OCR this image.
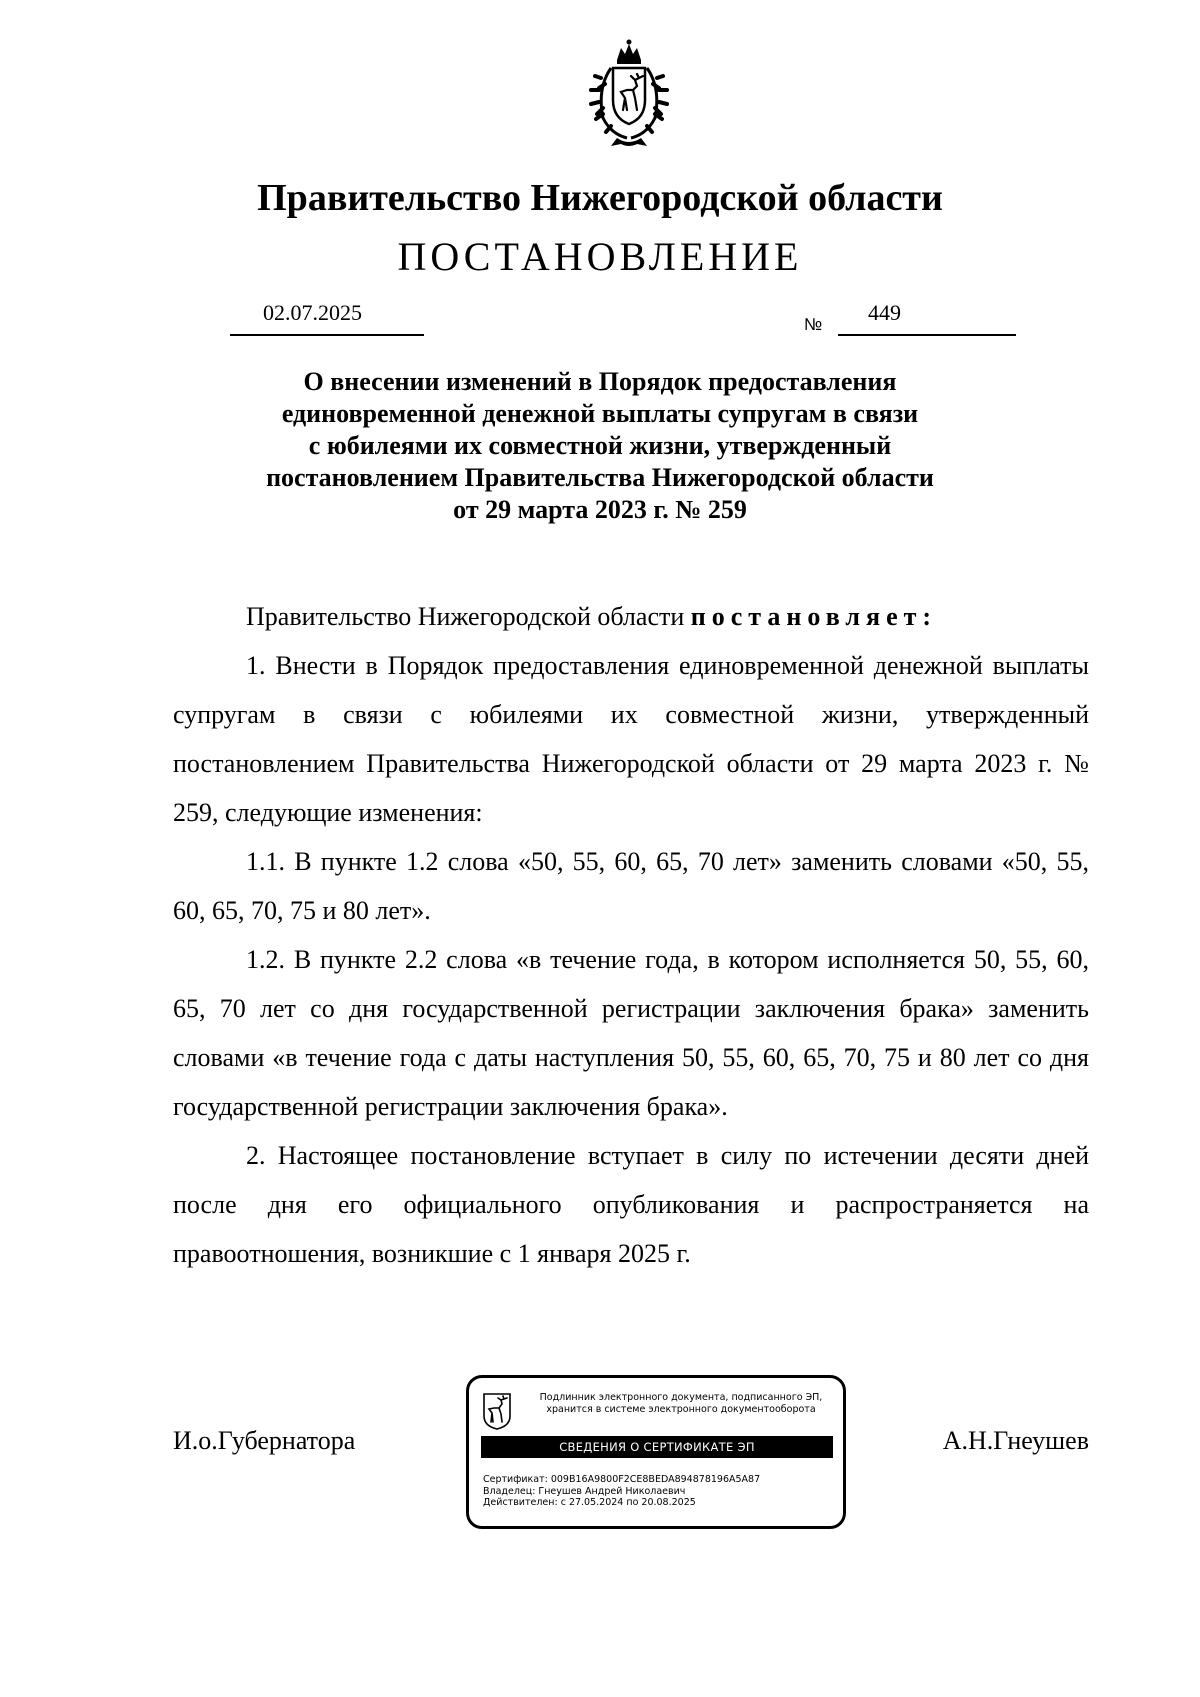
Правительство Нижегородской области
ПОСТАНОВЛЕНИЕ
02.07.2025	№ 449
О внесении изменений в Порядок предоставления
единовременной денежной выплаты супругам в связи
с юбилеями их совместной жизни, утвержденный
постановлением Правительства Нижегородской области
от 29 марта 2023 г. № 259

Правительство Нижегородской области постановляет:

1. Внести в Порядок предоставления единовременной денежной выплаты супругам в связи с юбилеями их совместной жизни, утвержденный постановлением Правительства Нижегородской области от 29 марта 2023 г. № 259, следующие изменения:

1.1. В пункте 1.2 слова «50, 55, 60, 65, 70 лет» заменить словами «50, 55, 60, 65, 70, 75 и 80 лет».

1.2. В пункте 2.2 слова «в течение года, в котором исполняется 50, 55, 60, 65, 70 лет со дня государственной регистрации заключения брака» заменить словами «в течение года с даты наступления 50, 55, 60, 65, 70, 75 и 80 лет со дня государственной регистрации заключения брака».

2. Настоящее постановление вступает в силу по истечении десяти дней после дня его официального опубликования и распространяется на правоотношения, возникшие с 1 января 2025 г.

И.о.Губернатора
Подлинник электронного документа, подписанного ЭП,
хранится в системе электронного документооборота
СВЕДЕНИЯ О СЕРТИФИКАТЕ ЭП
Сертификат: 009B16A9800F2CE8BEDA894878196A5A87
Владелец: Гнеушев Андрей Николаевич
Действителен: с 27.05.2024 по 20.08.2025
А.Н.Гнеушев
